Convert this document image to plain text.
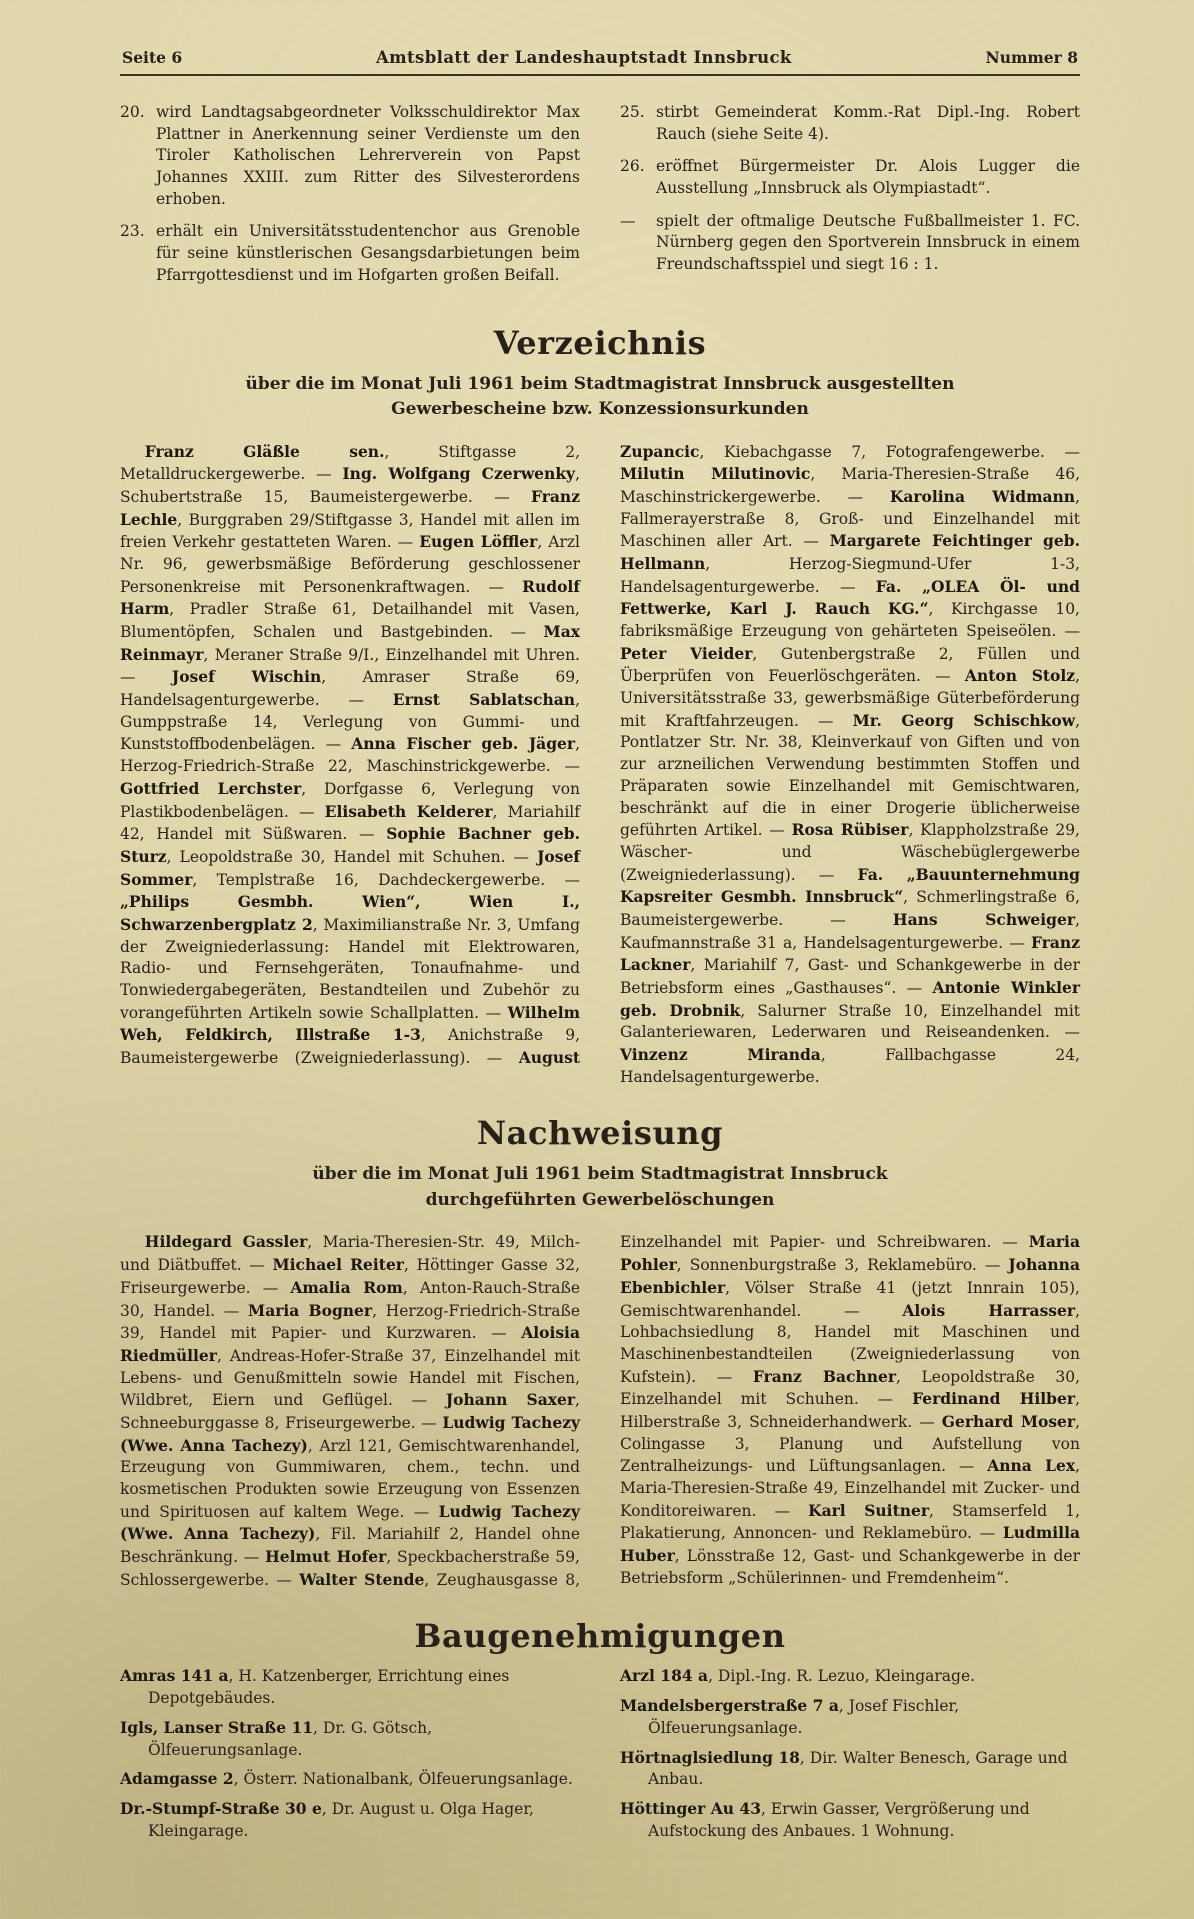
Seite 6	Amtsblatt der Landeshauptstadt Innsbruck	Nummer 8
20. wird Landtagsabgeordneter Volksschuldirektor Max Plattner in Anerkennung seiner Verdienste um den Tiroler Katholischen Lehrerverein von Papst Johannes XXIII. zum Ritter des Silvesterordens erhoben.
23. erhält ein Universitätsstudentenchor aus Grenoble für seine künstlerischen Gesangsdarbietungen beim Pfarrgottesdienst und im Hofgarten großen Beifall.
25. stirbt Gemeinderat Komm.-Rat Dipl.-Ing. Robert Rauch (siehe Seite 4).
26. eröffnet Bürgermeister Dr. Alois Lugger die Ausstellung „Innsbruck als Olympiastadt“.
—	spielt der oftmalige Deutsche Fußballmeister 1. FC. Nürnberg gegen den Sportverein Innsbruck in einem Freundschaftsspiel und siegt 16 : 1.
Verzeichnis
über die im Monat Juli 1961 beim Stadtmagistrat Innsbruck ausgestellten
Gewerbescheine bzw. Konzessionsurkunden

Franz Gläßle sen., Stiftgasse 2, Metalldruckergewerbe. — Ing. Wolfgang Czerwenky, Schubertstraße 15, Baumeistergewerbe. — Franz Lechle, Burggraben 29/Stiftgasse 3, Handel mit allen im freien Verkehr gestatteten Waren. — Eugen Löffler, Arzl Nr. 96, gewerbsmäßige Beförderung geschlossener Personenkreise mit Personenkraftwagen. — Rudolf Harm, Pradler Straße 61, Detailhandel mit Vasen, Blumentöpfen, Schalen und Bastgebinden. — Max Reinmayr, Meraner Straße 9/I., Einzelhandel mit Uhren. — Josef Wischin, Amraser Straße 69, Handelsagenturgewerbe. — Ernst Sablatschan, Gumppstraße 14, Verlegung von Gummi- und Kunststoffbodenbelägen. — Anna Fischer geb. Jäger, Herzog-Friedrich-Straße 22, Maschinstrickgewerbe. — Gottfried Lerchster, Dorfgasse 6, Verlegung von Plastikbodenbelägen. — Elisabeth Kelderer, Mariahilf 42, Handel mit Süßwaren. — Sophie Bachner geb. Sturz, Leopoldstraße 30, Handel mit Schuhen. — Josef Sommer, Templstraße 16, Dachdeckergewerbe. — „Philips Gesmbh. Wien“, Wien I., Schwarzenbergplatz 2, Maximilianstraße Nr. 3, Umfang der Zweigniederlassung: Handel mit Elektrowaren, Radio- und Fernsehgeräten, Tonaufnahme- und Tonwiedergabegeräten, Bestandteilen und Zubehör zu vorangeführten Artikeln sowie Schallplatten. — Wilhelm Weh, Feldkirch, Illstraße 1-3, Anichstraße 9, Baumeistergewerbe (Zweigniederlassung). — August Zupancic, Kiebachgasse 7, Fotografengewerbe. — Milutin Milutinovic, Maria-Theresien-Straße 46, Maschinstrickergewerbe. — Karolina Widmann, Fallmerayerstraße 8, Groß- und Einzelhandel mit Maschinen aller Art. — Margarete Feichtinger geb. Hellmann, Herzog-Siegmund-Ufer 1-3, Handelsagenturgewerbe. — Fa. „OLEA Öl- und Fettwerke, Karl J. Rauch KG.“, Kirchgasse 10, fabriksmäßige Erzeugung von gehärteten Speiseölen. — Peter Vieider, Gutenbergstraße 2, Füllen und Überprüfen von Feuerlöschgeräten. — Anton Stolz, Universitätsstraße 33, gewerbsmäßige Güterbeförderung mit Kraftfahrzeugen. — Mr. Georg Schischkow, Pontlatzer Str. Nr. 38, Kleinverkauf von Giften und von zur arzneilichen Verwendung bestimmten Stoffen und Präparaten sowie Einzelhandel mit Gemischtwaren, beschränkt auf die in einer Drogerie üblicherweise geführten Artikel. — Rosa Rübiser, Klappholzstraße 29, Wäscher- und Wäschebüglergewerbe (Zweigniederlassung). — Fa. „Bauunternehmung Kapsreiter Gesmbh. Innsbruck“, Schmerlingstraße 6, Baumeistergewerbe. — Hans Schweiger, Kaufmannstraße 31 a, Handelsagenturgewerbe. — Franz Lackner, Mariahilf 7, Gast- und Schankgewerbe in der Betriebsform eines „Gasthauses“. — Antonie Winkler geb. Drobnik, Salurner Straße 10, Einzelhandel mit Galanteriewaren, Lederwaren und Reiseandenken. — Vinzenz Miranda, Fallbachgasse 24, Handelsagenturgewerbe.

Nachweisung
über die im Monat Juli 1961 beim Stadtmagistrat Innsbruck
durchgeführten Gewerbelöschungen

Hildegard Gassler, Maria-Theresien-Str. 49, Milch- und Diätbuffet. — Michael Reiter, Höttinger Gasse 32, Friseurgewerbe. — Amalia Rom, Anton-Rauch-Straße 30, Handel. — Maria Bogner, Herzog-Friedrich-Straße 39, Handel mit Papier- und Kurzwaren. — Aloisia Riedmüller, Andreas-Hofer-Straße 37, Einzelhandel mit Lebens- und Genußmitteln sowie Handel mit Fischen, Wildbret, Eiern und Geflügel. — Johann Saxer, Schneeburggasse 8, Friseurgewerbe. — Ludwig Tachezy (Wwe. Anna Tachezy), Arzl 121, Gemischtwarenhandel, Erzeugung von Gummiwaren, chem., techn. und kosmetischen Produkten sowie Erzeugung von Essenzen und Spirituosen auf kaltem Wege. — Ludwig Tachezy (Wwe. Anna Tachezy), Fil. Mariahilf 2, Handel ohne Beschränkung. — Helmut Hofer, Speckbacherstraße 59, Schlossergewerbe. — Walter Stende, Zeughausgasse 8, Einzelhandel mit Papier- und Schreibwaren. — Maria Pohler, Sonnenburgstraße 3, Reklamebüro. — Johanna Ebenbichler, Völser Straße 41 (jetzt Innrain 105), Gemischtwarenhandel. — Alois Harrasser, Lohbachsiedlung 8, Handel mit Maschinen und Maschinenbestandteilen (Zweigniederlassung von Kufstein). — Franz Bachner, Leopoldstraße 30, Einzelhandel mit Schuhen. — Ferdinand Hilber, Hilberstraße 3, Schneiderhandwerk. — Gerhard Moser, Colingasse 3, Planung und Aufstellung von Zentralheizungs- und Lüftungsanlagen. — Anna Lex, Maria-Theresien-Straße 49, Einzelhandel mit Zucker- und Konditoreiwaren. — Karl Suitner, Stamserfeld 1, Plakatierung, Annoncen- und Reklamebüro. — Ludmilla Huber, Lönsstraße 12, Gast- und Schankgewerbe in der Betriebsform „Schülerinnen- und Fremdenheim“.

Baugenehmigungen

Amras 141 a, H. Katzenberger, Errichtung eines Depotgebäudes.

Igls, Lanser Straße 11, Dr. G. Götsch, Ölfeuerungsanlage.

Adamgasse 2, Österr. Nationalbank, Ölfeuerungsanlage.

Dr.-Stumpf-Straße 30 e, Dr. August u. Olga Hager, Kleingarage.

Arzl 184 a, Dipl.-Ing. R. Lezuo, Kleingarage.

Mandelsbergerstraße 7 a, Josef Fischler, Ölfeuerungsanlage.

Hörtnaglsiedlung 18, Dir. Walter Benesch, Garage und Anbau.

Höttinger Au 43, Erwin Gasser, Vergrößerung und Aufstockung des Anbaues. 1 Wohnung.
